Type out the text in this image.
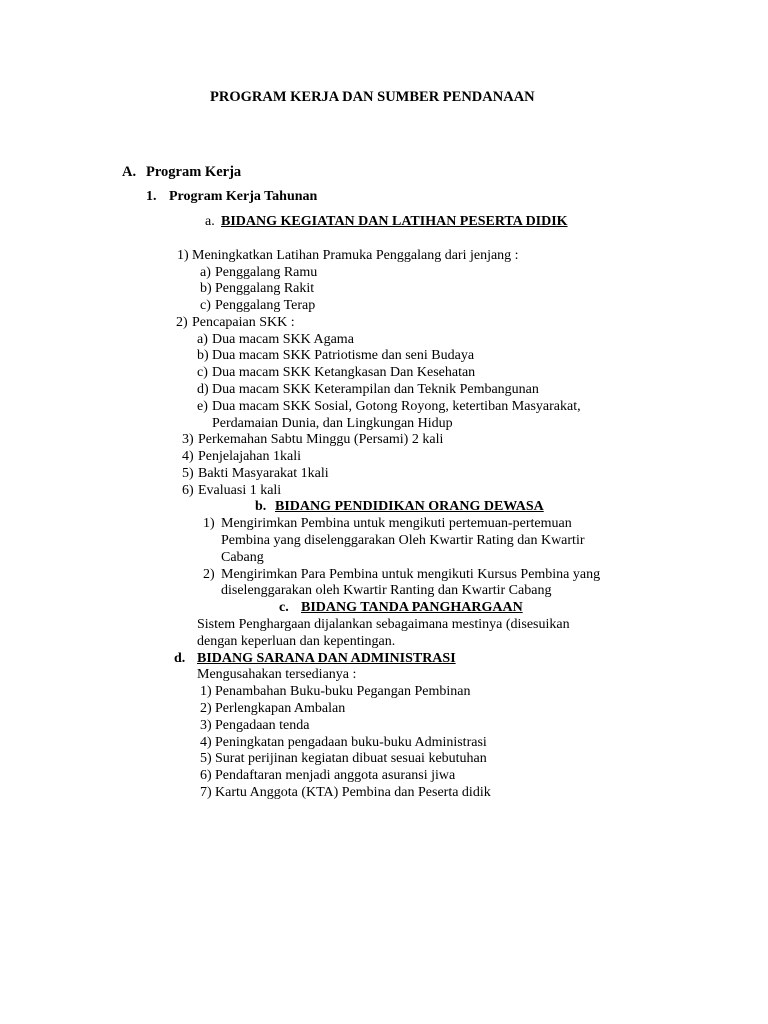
PROGRAM KERJA DAN SUMBER PENDANAAN
A. Program Kerja
1. Program Kerja Tahunan
a. BIDANG KEGIATAN DAN LATIHAN PESERTA DIDIK
1) Meningkatkan Latihan Pramuka Penggalang dari jenjang :
a) Penggalang Ramu
b) Penggalang Rakit
c) Penggalang Terap
2) Pencapaian SKK :
a) Dua macam SKK Agama
b) Dua macam SKK Patriotisme dan seni Budaya
c) Dua macam SKK Ketangkasan Dan Kesehatan
d) Dua macam SKK Keterampilan dan Teknik Pembangunan
e) Dua macam SKK Sosial, Gotong Royong, ketertiban Masyarakat,
Perdamaian Dunia, dan Lingkungan Hidup
3) Perkemahan Sabtu Minggu (Persami) 2 kali
4) Penjelajahan 1kali
5) Bakti Masyarakat 1kali
6) Evaluasi 1 kali
b. BIDANG PENDIDIKAN ORANG DEWASA
1) Mengirimkan Pembina untuk mengikuti pertemuan-pertemuan
Pembina yang diselenggarakan Oleh Kwartir Rating dan Kwartir
Cabang
2) Mengirimkan Para Pembina untuk mengikuti Kursus Pembina yang
diselenggarakan oleh Kwartir Ranting dan Kwartir Cabang
c. BIDANG TANDA PANGHARGAAN
Sistem Penghargaan dijalankan sebagaimana mestinya (disesuikan
dengan keperluan dan kepentingan.
d. BIDANG SARANA DAN ADMINISTRASI
Mengusahakan tersedianya :
1) Penambahan Buku-buku Pegangan Pembinan
2) Perlengkapan Ambalan
3) Pengadaan tenda
4) Peningkatan pengadaan buku-buku Administrasi
5) Surat perijinan kegiatan dibuat sesuai kebutuhan
6) Pendaftaran menjadi anggota asuransi jiwa
7) Kartu Anggota (KTA) Pembina dan Peserta didik
